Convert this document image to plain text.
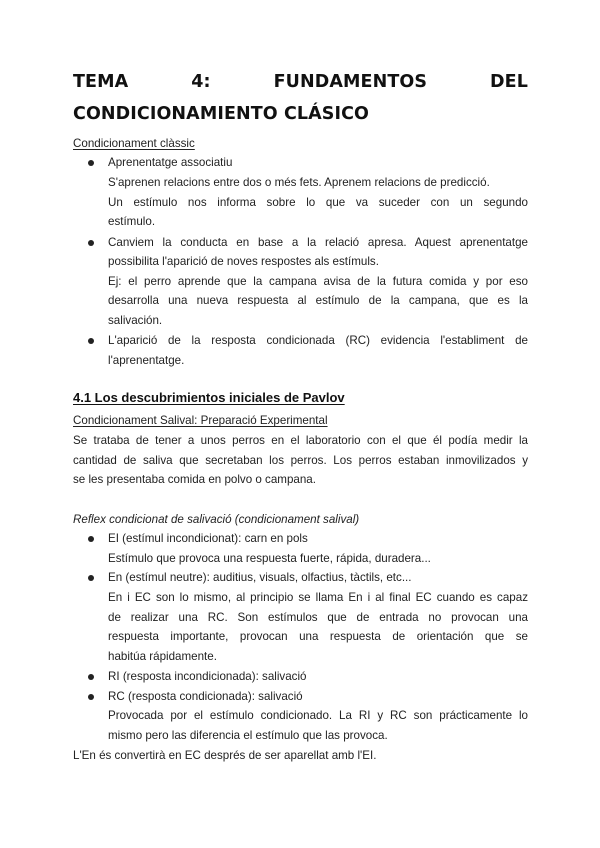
TEMA	4:	FUNDAMENTOS	DEL
CONDICIONAMIENTO CLÁSICO

Condicionament clàssic

Aprenentatge associatiu

S'aprenen relacions entre dos o més fets. Aprenem relacions de predicció.

Un estímulo nos informa sobre lo que va suceder con un segundo

estímulo.

Canviem la conducta en base a la relació apresa. Aquest aprenentatge

possibilita l'aparició de noves respostes als estímuls.

Ej: el perro aprende que la campana avisa de la futura comida y por eso

desarrolla una nueva respuesta al estímulo de la campana, que es la

salivación.

L'aparició de la resposta condicionada (RC) evidencia l'establiment de

l'aprenentatge.

4.1 Los descubrimientos iniciales de Pavlov

Condicionament Salival: Preparació Experimental

Se trataba de tener a unos perros en el laboratorio con el que él podía medir la

cantidad de saliva que secretaban los perros. Los perros estaban inmovilizados y

se les presentaba comida en polvo o campana.

Reflex condicionat de salivació (condicionament salival)

EI (estímul incondicionat): carn en pols

Estímulo que provoca una respuesta fuerte, rápida, duradera...

En (estímul neutre): auditius, visuals, olfactius, tàctils, etc...

En i EC son lo mismo, al principio se llama En i al final EC cuando es capaz

de realizar una RC. Son estímulos que de entrada no provocan una

respuesta importante, provocan una respuesta de orientación que se

habitúa rápidamente.

RI (resposta incondicionada): salivació

RC (resposta condicionada): salivació

Provocada por el estímulo condicionado. La RI y RC son prácticamente lo

mismo pero las diferencia el estímulo que las provoca.

L'En és convertirà en EC després de ser aparellat amb l'EI.
